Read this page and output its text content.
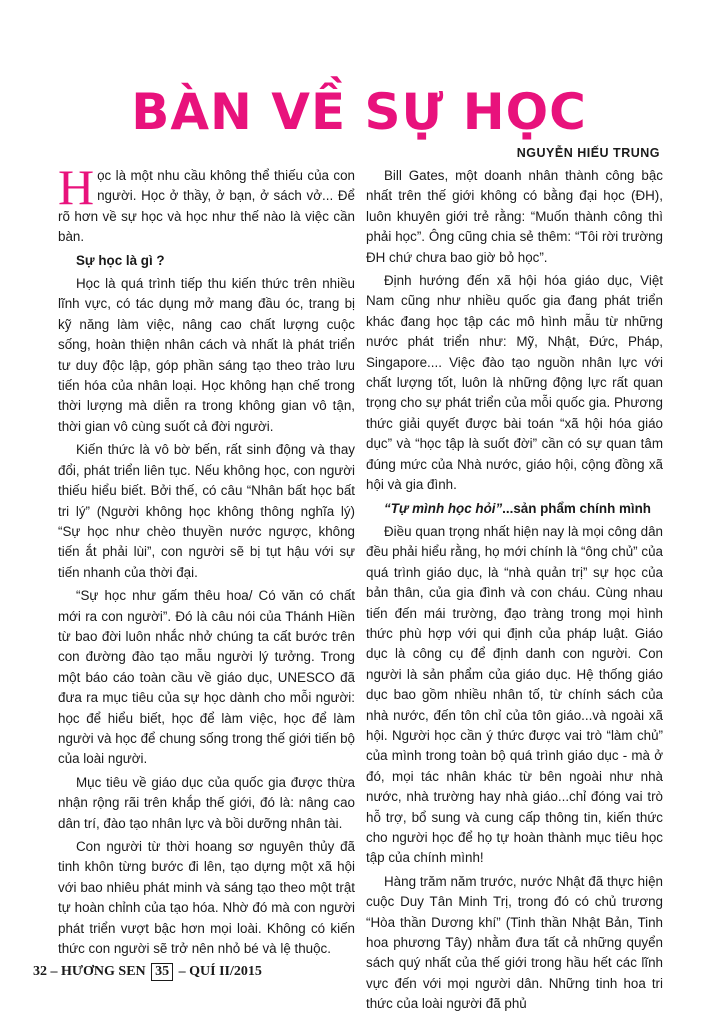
BÀN VỀ SỰ HỌC
NGUYỄN HIẾU TRUNG

Học là một nhu cầu không thể thiếu của con người. Học ở thầy, ở bạn, ở sách vở... Để rõ hơn về sự học và học như thế nào là việc cần bàn.

Sự học là gì ?

Học là quá trình tiếp thu kiến thức trên nhiều lĩnh vực, có tác dụng mở mang đầu óc, trang bị kỹ năng làm việc, nâng cao chất lượng cuộc sống, hoàn thiện nhân cách và nhất là phát triển tư duy độc lập, góp phần sáng tạo theo trào lưu tiến hóa của nhân loại. Học không hạn chế trong thời lượng mà diễn ra trong không gian vô tận, thời gian vô cùng suốt cả đời người.

Kiến thức là vô bờ bến, rất sinh động và thay đổi, phát triển liên tục. Nếu không học, con người thiếu hiểu biết. Bởi thế, có câu “Nhân bất học bất tri lý” (Người không học không thông nghĩa lý) “Sự học như chèo thuyền nước ngược, không tiến ắt phải lùi”, con người sẽ bị tụt hậu với sự tiến nhanh của thời đại.

“Sự học như gấm thêu hoa/ Có văn có chất mới ra con người”. Đó là câu nói của Thánh Hiền từ bao đời luôn nhắc nhở chúng ta cất bước trên con đường đào tạo mẫu người lý tưởng. Trong một báo cáo toàn cầu về giáo dục, UNESCO đã đưa ra mục tiêu của sự học dành cho mỗi người: học để hiểu biết, học để làm việc, học để làm người và học để chung sống trong thế giới tiến bộ của loài người.

Mục tiêu về giáo dục của quốc gia được thừa nhận rộng rãi trên khắp thế giới, đó là: nâng cao dân trí, đào tạo nhân lực và bồi dưỡng nhân tài.

Con người từ thời hoang sơ nguyên thủy đã tinh khôn từng bước đi lên, tạo dựng một xã hội với bao nhiêu phát minh và sáng tạo theo một trật tự hoàn chỉnh của tạo hóa. Nhờ đó mà con người phát triển vượt bậc hơn mọi loài. Không có kiến thức con người sẽ trở nên nhỏ bé và lệ thuộc.

Bill Gates, một doanh nhân thành công bậc nhất trên thế giới không có bằng đại học (ĐH), luôn khuyên giới trẻ rằng: “Muốn thành công thì phải học”. Ông cũng chia sẻ thêm: “Tôi rời trường ĐH chứ chưa bao giờ bỏ học”.

Định hướng đến xã hội hóa giáo dục, Việt Nam cũng như nhiều quốc gia đang phát triển khác đang học tập các mô hình mẫu từ những nước phát triển như: Mỹ, Nhật, Đức, Pháp, Singapore.... Việc đào tạo nguồn nhân lực với chất lượng tốt, luôn là những động lực rất quan trọng cho sự phát triển của mỗi quốc gia. Phương thức giải quyết được bài toán “xã hội hóa giáo dục” và “học tập là suốt đời” cần có sự quan tâm đúng mức của Nhà nước, giáo hội, cộng đồng xã hội và gia đình.

“Tự mình học hỏi”...sản phẩm chính mình

Điều quan trọng nhất hiện nay là mọi công dân đều phải hiểu rằng, họ mới chính là “ông chủ” của quá trình giáo dục, là “nhà quản trị” sự học của bản thân, của gia đình và con cháu. Cùng nhau tiến đến mái trường, đạo tràng trong mọi hình thức phù hợp với qui định của pháp luật. Giáo dục là công cụ để định danh con người. Con người là sản phẩm của giáo dục. Hệ thống giáo dục bao gồm nhiều nhân tố, từ chính sách của nhà nước, đến tôn chỉ của tôn giáo...và ngoài xã hội. Người học cần ý thức được vai trò “làm chủ” của mình trong toàn bộ quá trình giáo dục - mà ở đó, mọi tác nhân khác từ bên ngoài như nhà nước, nhà trường hay nhà giáo...chỉ đóng vai trò hỗ trợ, bổ sung và cung cấp thông tin, kiến thức cho người học để họ tự hoàn thành mục tiêu học tập của chính mình!

Hàng trăm năm trước, nước Nhật đã thực hiện cuộc Duy Tân Minh Trị, trong đó có chủ trương “Hòa thần Dương khí” (Tinh thần Nhật Bản, Tinh hoa phương Tây) nhằm đưa tất cả những quyển sách quý nhất của thế giới trong hầu hết các lĩnh vực đến với mọi người dân. Những tinh hoa tri thức của loài người đã phủ

32 – HƯƠNG SEN 35 – QUÍ II/2015
